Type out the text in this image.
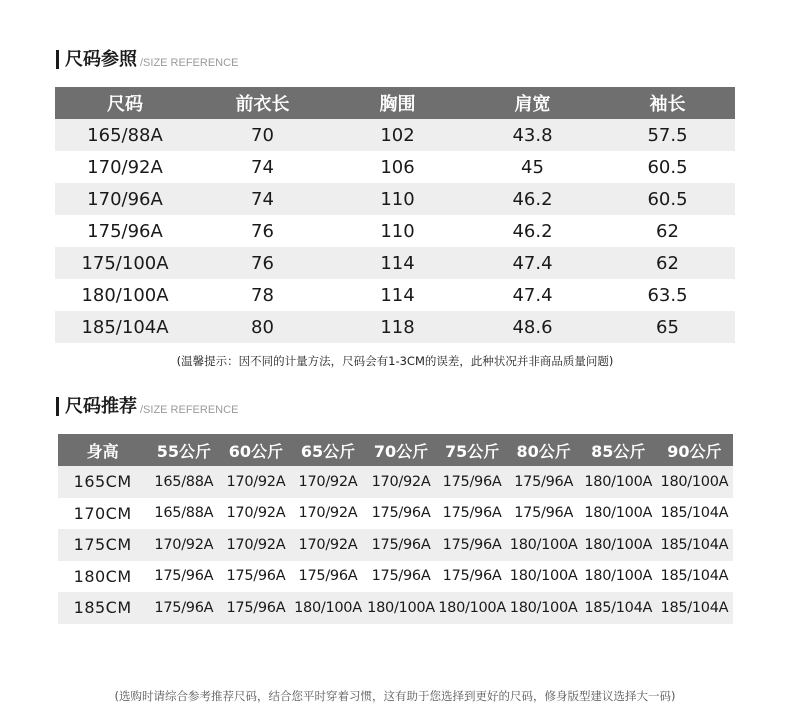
尺码参照 /SIZE REFERENCE
尺码	前衣长	胸围	肩宽	袖长
165/88A	70	102	43.8	57.5
170/92A	74	106	45	60.5
170/96A	74	110	46.2	60.5
175/96A	76	110	46.2	62
175/100A	76	114	47.4	62
180/100A	78	114	47.4	63.5
185/104A	80	118	48.6	65
(温馨提示：因不同的计量方法，尺码会有1-3CM的误差，此种状况并非商品质量问题)
尺码推荐 /SIZE REFERENCE
身高	55公斤	60公斤	65公斤	70公斤	75公斤	80公斤	85公斤	90公斤
165CM	165/88A	170/92A	170/92A	170/92A	175/96A	175/96A	180/100A	180/100A
170CM	165/88A	170/92A	170/92A	175/96A	175/96A	175/96A	180/100A	185/104A
175CM	170/92A	170/92A	170/92A	175/96A	175/96A	180/100A	180/100A	185/104A
180CM	175/96A	175/96A	175/96A	175/96A	175/96A	180/100A	180/100A	185/104A
185CM	175/96A	175/96A	180/100A	180/100A	180/100A	180/100A	185/104A	185/104A
(选购时请综合参考推荐尺码，结合您平时穿着习惯，这有助于您选择到更好的尺码，修身版型建议选择大一码)
